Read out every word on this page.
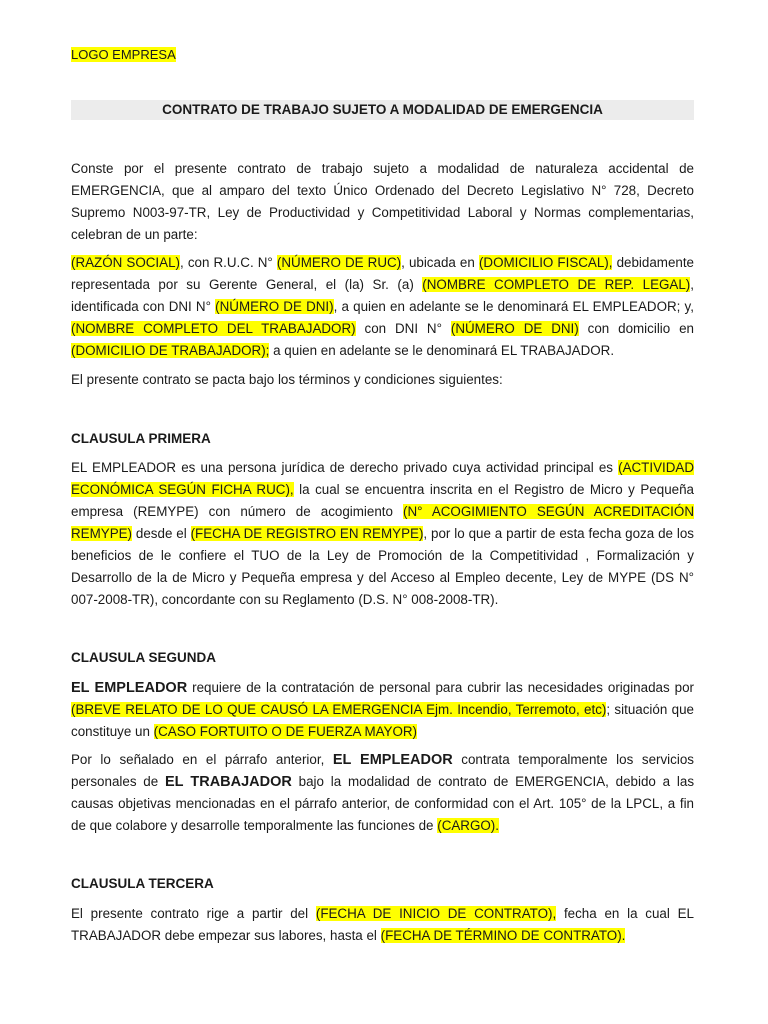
LOGO EMPRESA
CONTRATO DE TRABAJO SUJETO A MODALIDAD DE EMERGENCIA

Conste por el presente contrato de trabajo sujeto a modalidad de naturaleza accidental de EMERGENCIA, que al amparo del texto Único Ordenado del Decreto Legislativo N° 728, Decreto Supremo N003-97-TR, Ley de Productividad y Competitividad Laboral y Normas complementarias, celebran de un parte:

(RAZÓN SOCIAL), con R.U.C. N° (NÚMERO DE RUC), ubicada en (DOMICILIO FISCAL), debidamente representada por su Gerente General, el (la) Sr. (a) (NOMBRE COMPLETO DE REP. LEGAL), identificada con DNI N° (NÚMERO DE DNI), a quien en adelante se le denominará EL EMPLEADOR; y, (NOMBRE COMPLETO DEL TRABAJADOR) con DNI N° (NÚMERO DE DNI) con domicilio en (DOMICILIO DE TRABAJADOR); a quien en adelante se le denominará EL TRABAJADOR.

El presente contrato se pacta bajo los términos y condiciones siguientes:

CLAUSULA PRIMERA

EL EMPLEADOR es una persona jurídica de derecho privado cuya actividad principal es (ACTIVIDAD ECONÓMICA SEGÚN FICHA RUC), la cual se encuentra inscrita en el Registro de Micro y Pequeña empresa (REMYPE) con número de acogimiento (N° ACOGIMIENTO SEGÚN ACREDITACIÓN REMYPE) desde el (FECHA DE REGISTRO EN REMYPE), por lo que a partir de esta fecha goza de los beneficios de le confiere el TUO de la Ley de Promoción de la Competitividad , Formalización y Desarrollo de la de Micro y Pequeña empresa y del Acceso al Empleo decente, Ley de MYPE (DS N° 007-2008-TR), concordante con su Reglamento (D.S. N° 008-2008-TR).

CLAUSULA SEGUNDA

EL EMPLEADOR requiere de la contratación de personal para cubrir las necesidades originadas por (BREVE RELATO DE LO QUE CAUSÓ LA EMERGENCIA Ejm. Incendio, Terremoto, etc); situación que constituye un (CASO FORTUITO O DE FUERZA MAYOR)

Por lo señalado en el párrafo anterior, EL EMPLEADOR contrata temporalmente los servicios personales de EL TRABAJADOR bajo la modalidad de contrato de EMERGENCIA, debido a las causas objetivas mencionadas en el párrafo anterior, de conformidad con el Art. 105° de la LPCL, a fin de que colabore y desarrolle temporalmente las funciones de (CARGO).

CLAUSULA TERCERA

El presente contrato rige a partir del (FECHA DE INICIO DE CONTRATO), fecha en la cual EL TRABAJADOR debe empezar sus labores, hasta el (FECHA DE TÉRMINO DE CONTRATO).
